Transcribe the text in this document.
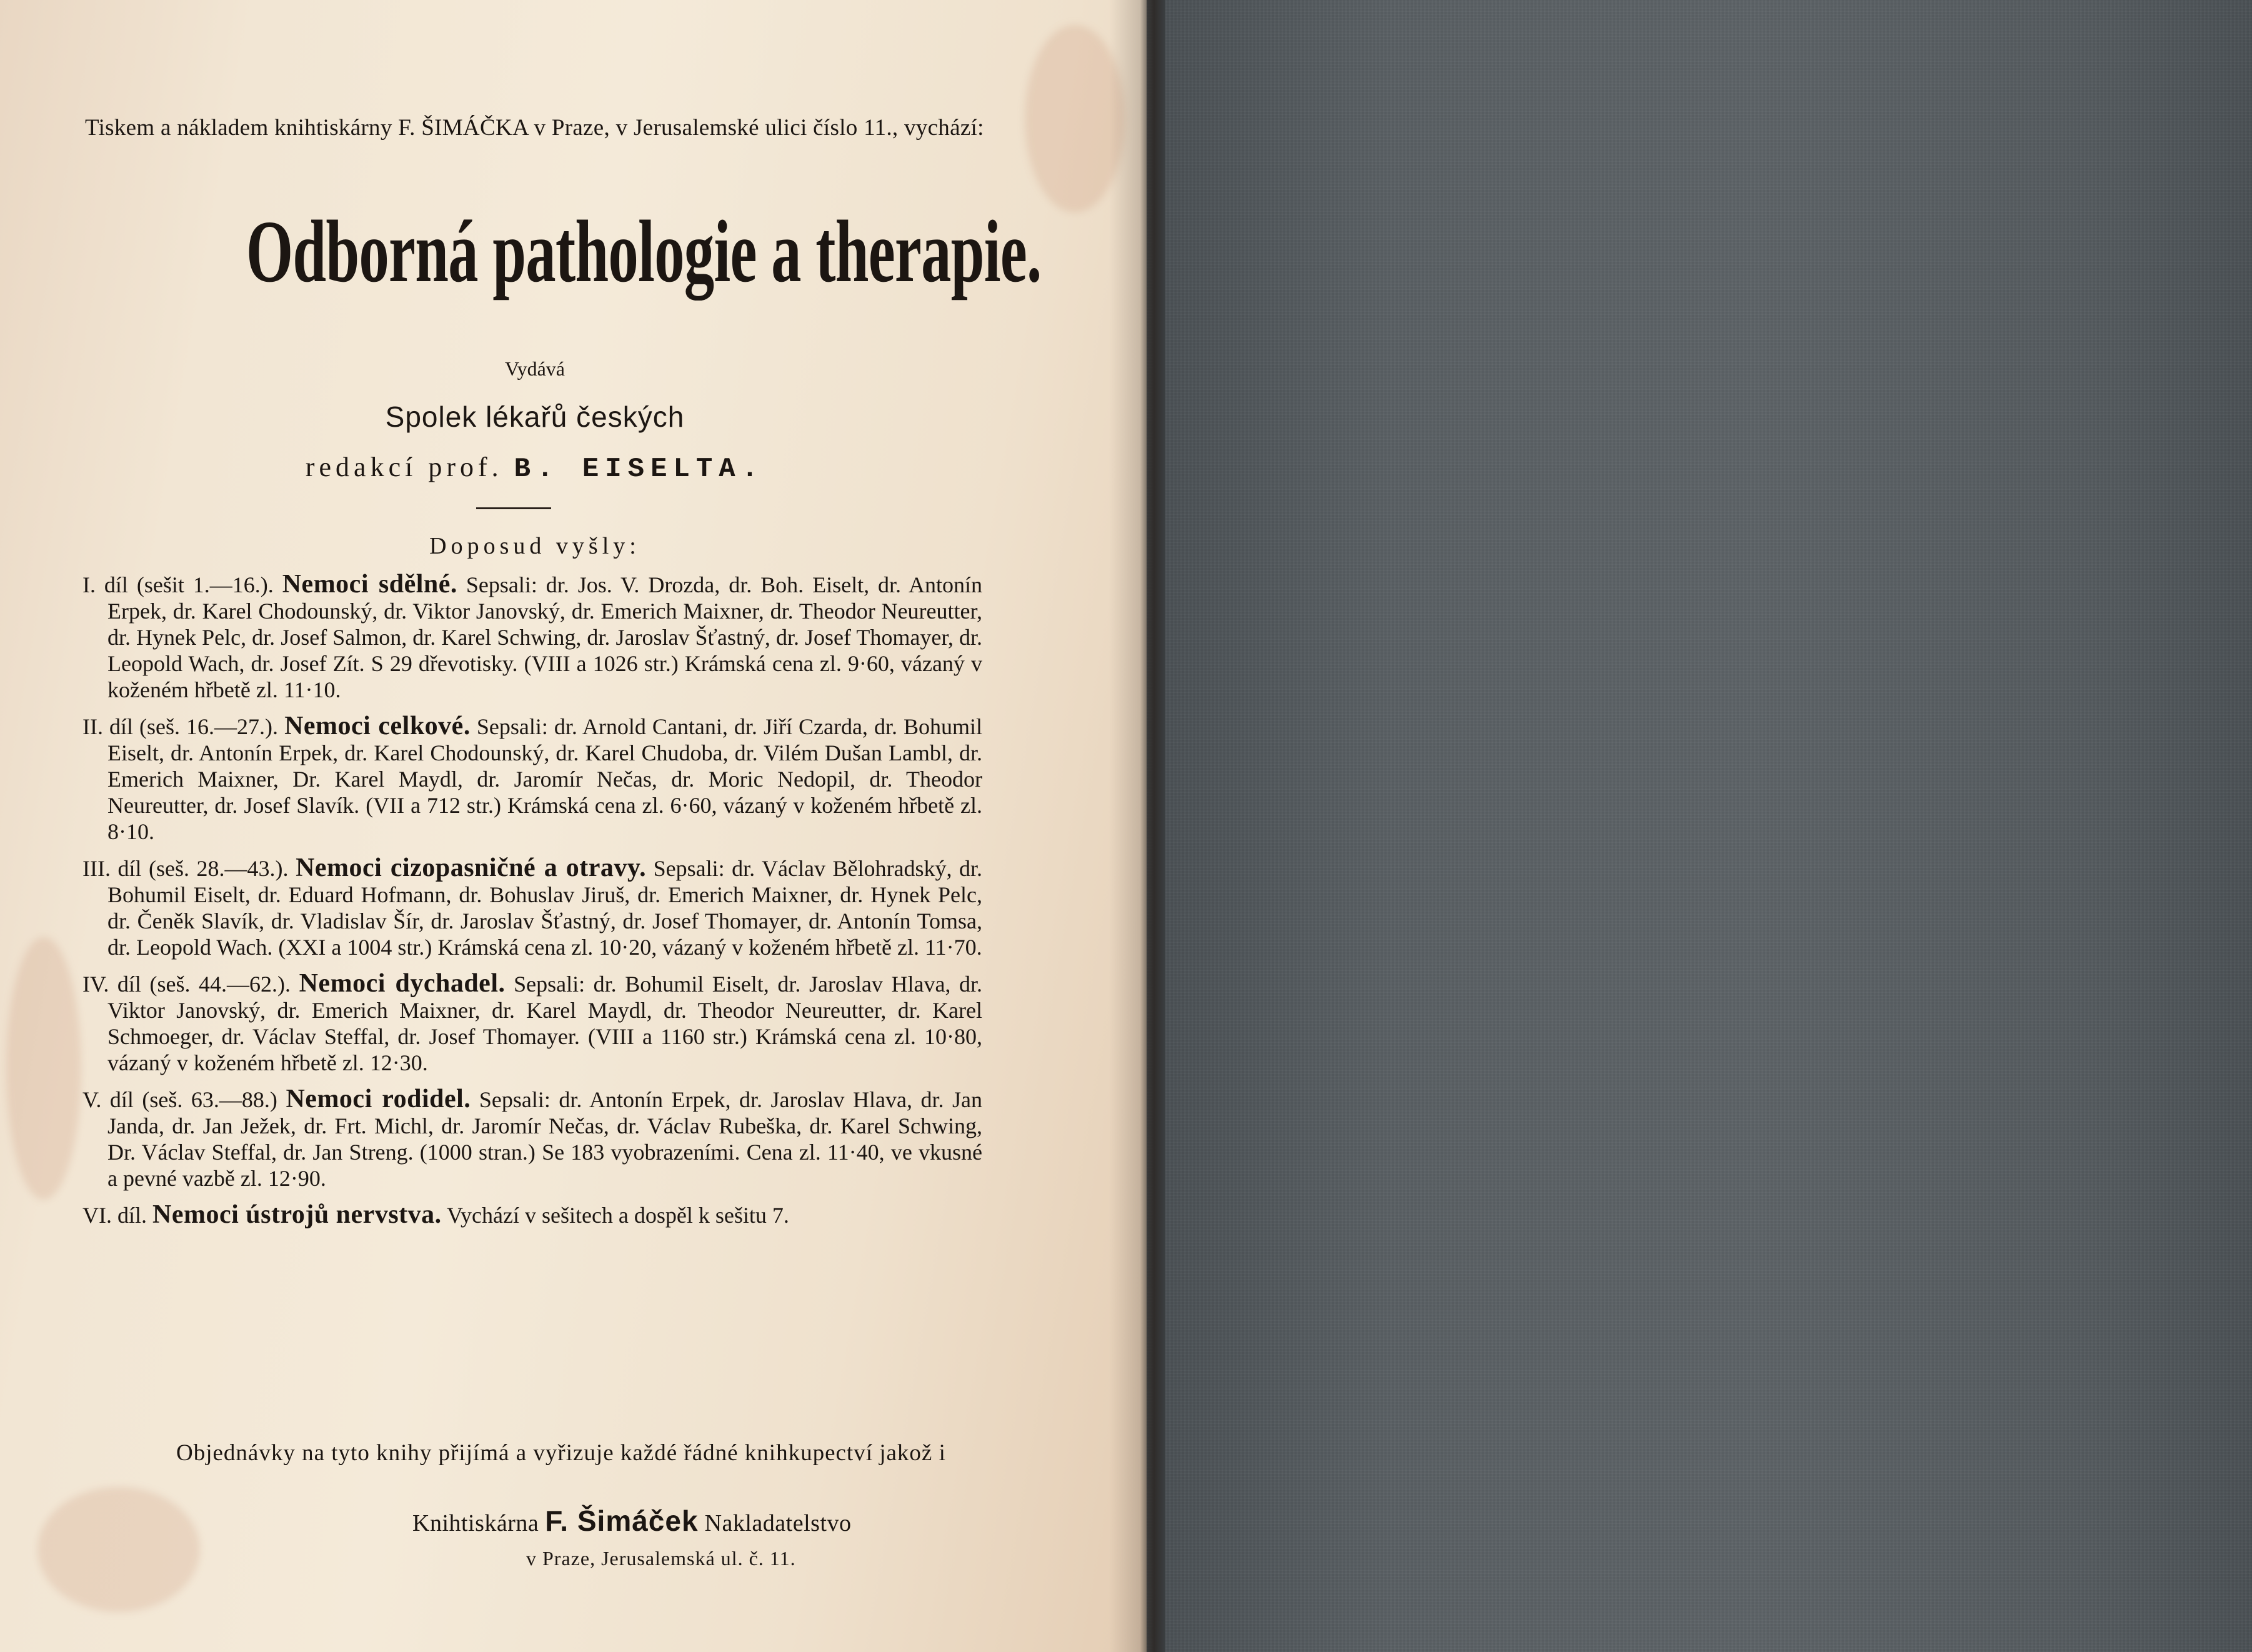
Tiskem a nákladem knihtiskárny F. ŠIMÁČKA v Praze, v Jerusalemské ulici číslo 11., vychází:
Odborná pathologie a therapie.
Vydává
Spolek lékařů českých
redakcí prof. B. EISELTA.
Doposud vyšly:

I. díl (sešit 1.—16.). Nemoci sdělné. Sepsali: dr. Jos. V. Drozda, dr. Boh. Eiselt, dr. Antonín Erpek, dr. Karel Chodounský, dr. Viktor Janovský, dr. Emerich Maixner, dr. Theodor Neureutter, dr. Hynek Pelc, dr. Josef Salmon, dr. Karel Schwing, dr. Jaroslav Šťastný, dr. Josef Thomayer, dr. Leopold Wach, dr. Josef Zít. S 29 dřevotisky. (VIII a 1026 str.) Krámská cena zl. 9·60, vázaný v koženém hřbetě zl. 11·10.

II. díl (seš. 16.—27.). Nemoci celkové. Sepsali: dr. Arnold Cantani, dr. Jiří Czarda, dr. Bohumil Eiselt, dr. Antonín Erpek, dr. Karel Chodounský, dr. Karel Chudoba, dr. Vilém Dušan Lambl, dr. Emerich Maixner, Dr. Karel Maydl, dr. Jaromír Nečas, dr. Moric Nedopil, dr. Theodor Neureutter, dr. Josef Slavík. (VII a 712 str.) Krámská cena zl. 6·60, vázaný v koženém hřbetě zl. 8·10.

III. díl (seš. 28.—43.). Nemoci cizopasničné a otravy. Sepsali: dr. Václav Bělohradský, dr. Bohumil Eiselt, dr. Eduard Hofmann, dr. Bohuslav Jiruš, dr. Emerich Maixner, dr. Hynek Pelc, dr. Čeněk Slavík, dr. Vladislav Šír, dr. Jaroslav Šťastný, dr. Josef Thomayer, dr. Antonín Tomsa, dr. Leopold Wach. (XXI a 1004 str.) Krámská cena zl. 10·20, vázaný v koženém hřbetě zl. 11·70.

IV. díl (seš. 44.—62.). Nemoci dychadel. Sepsali: dr. Bohumil Eiselt, dr. Jaroslav Hlava, dr. Viktor Janovský, dr. Emerich Maixner, dr. Karel Maydl, dr. Theodor Neureutter, dr. Karel Schmoeger, dr. Václav Steffal, dr. Josef Thomayer. (VIII a 1160 str.) Krámská cena zl. 10·80, vázaný v koženém hřbetě zl. 12·30.

V. díl (seš. 63.—88.) Nemoci rodidel. Sepsali: dr. Antonín Erpek, dr. Jaroslav Hlava, dr. Jan Janda, dr. Jan Ježek, dr. Frt. Michl, dr. Jaromír Nečas, dr. Václav Rubeška, dr. Karel Schwing, Dr. Václav Steffal, dr. Jan Streng. (1000 stran.) Se 183 vyobrazeními. Cena zl. 11·40, ve vkusné a pevné vazbě zl. 12·90.

VI. díl. Nemoci ústrojů nervstva. Vychází v sešitech a dospěl k sešitu 7.

Objednávky na tyto knihy přijímá a vyřizuje každé řádné knihkupectví jakož i
Knihtiskárna F. Šimáček Nakladatelstvo
v Praze, Jerusalemská ul. č. 11.
